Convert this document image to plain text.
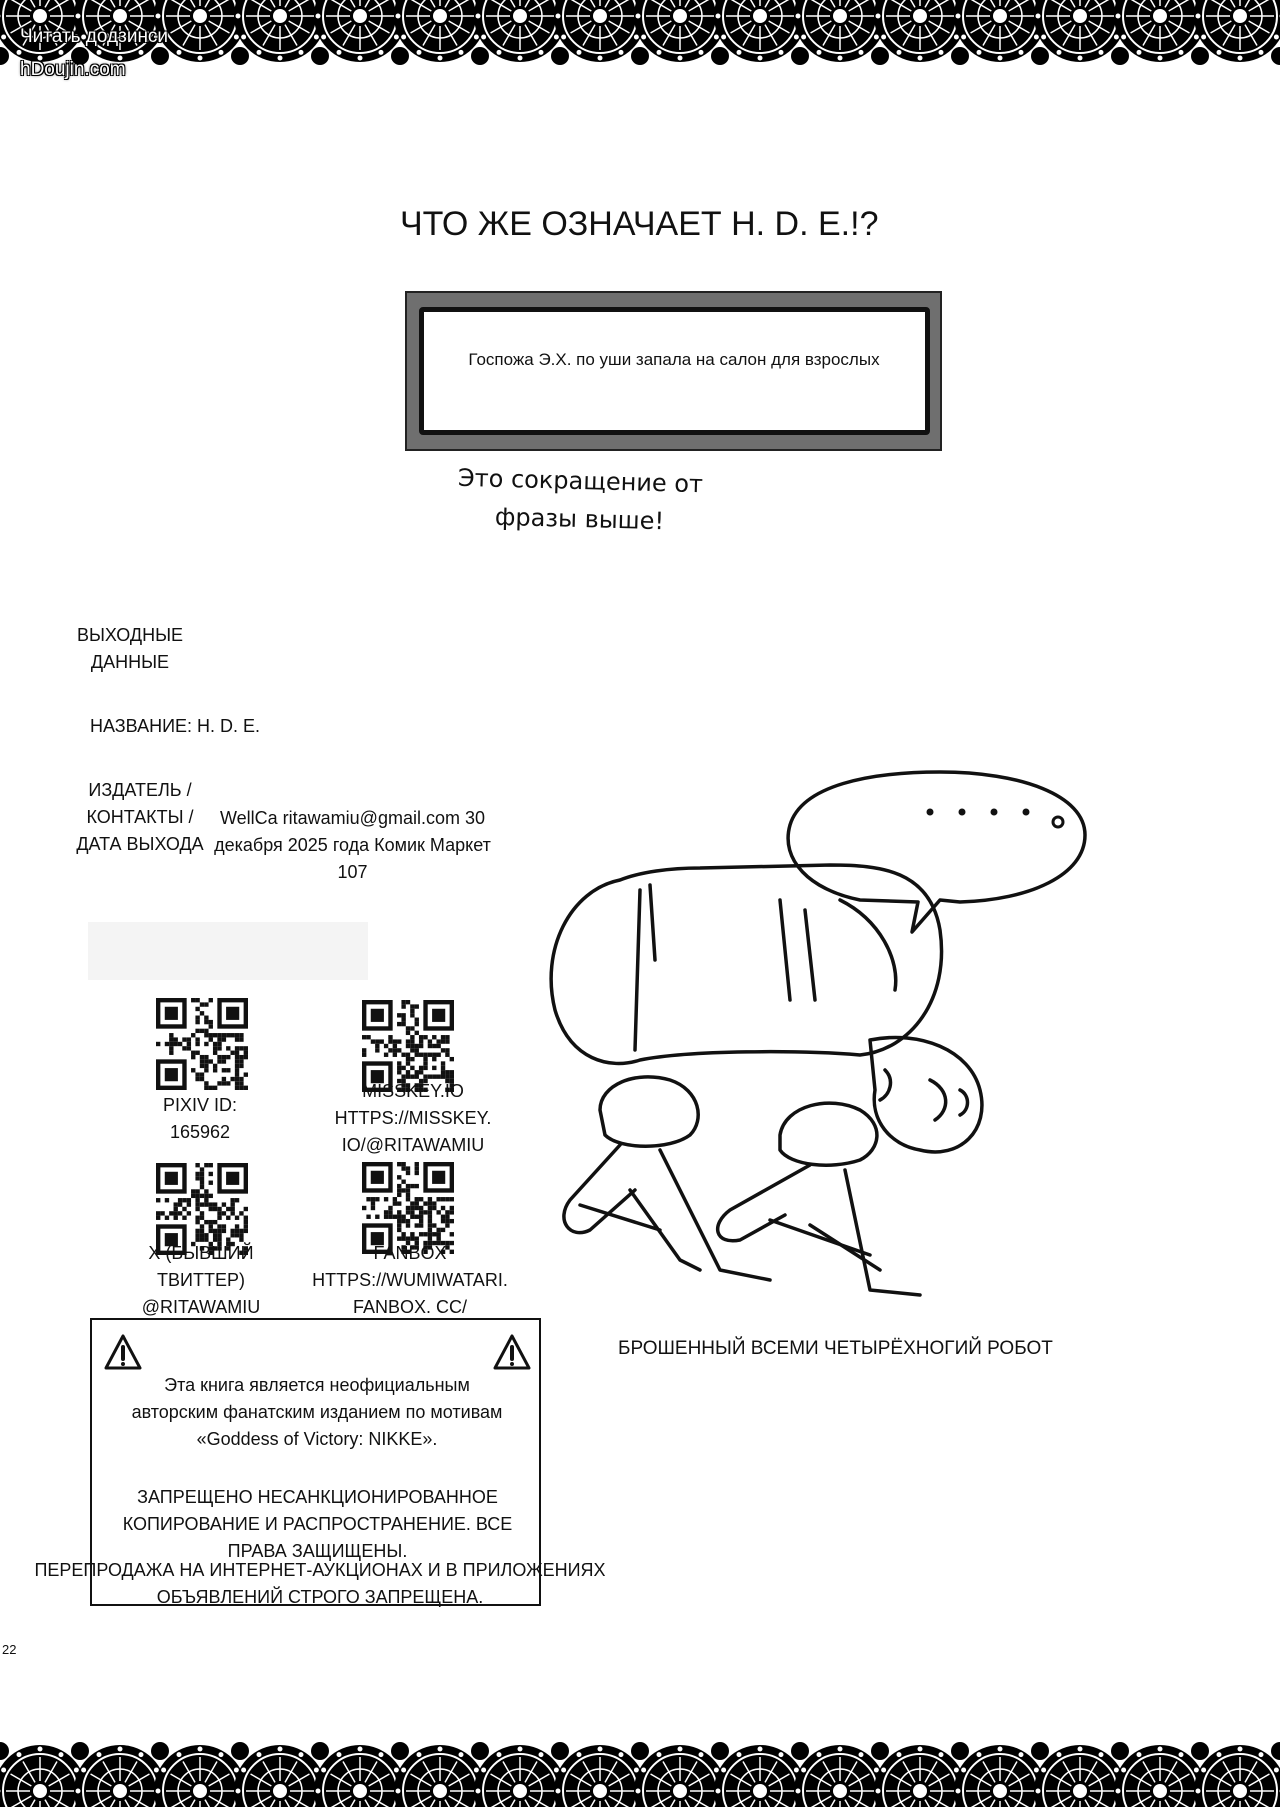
Читать додзинси
hDoujin.com
ЧТО ЖЕ ОЗНАЧАЕТ H. D. E.!?
Госпожа Э.Х. по уши запала на салон для взрослых
Это сокращение от фразы выше!
ВЫХОДНЫЕ ДАННЫЕ
НАЗВАНИЕ: H. D. E.
ИЗДАТЕЛЬ / КОНТАКТЫ / ДАТА ВЫХОДА
WellCa ritawamiu@gmail.com 30 декабря 2025 года Комик Маркет 107
PIXIV ID: 165962
MISSKEY.IO HTTPS://MISSKEY. IO/@RITAWAMIU
X (БЫВШИЙ ТВИТТЕР) @RITAWAMIU
FANBOX HTTPS://WUMIWATARI. FANBOX. CC/
Эта книга является неофициальным авторским фанатским изданием по мотивам «Goddess of Victory: NIKKE».
ЗАПРЕЩЕНО НЕСАНКЦИОНИРОВАННОЕ КОПИРОВАНИЕ И РАСПРОСТРАНЕНИЕ. ВСЕ ПРАВА ЗАЩИЩЕНЫ.
ПЕРЕПРОДАЖА НА ИНТЕРНЕТ-АУКЦИОНАХ И В ПРИЛОЖЕНИЯХ ОБЪЯВЛЕНИЙ СТРОГО ЗАПРЕЩЕНА.
22
БРОШЕННЫЙ ВСЕМИ ЧЕТЫРЁХНОГИЙ РОБОТ
